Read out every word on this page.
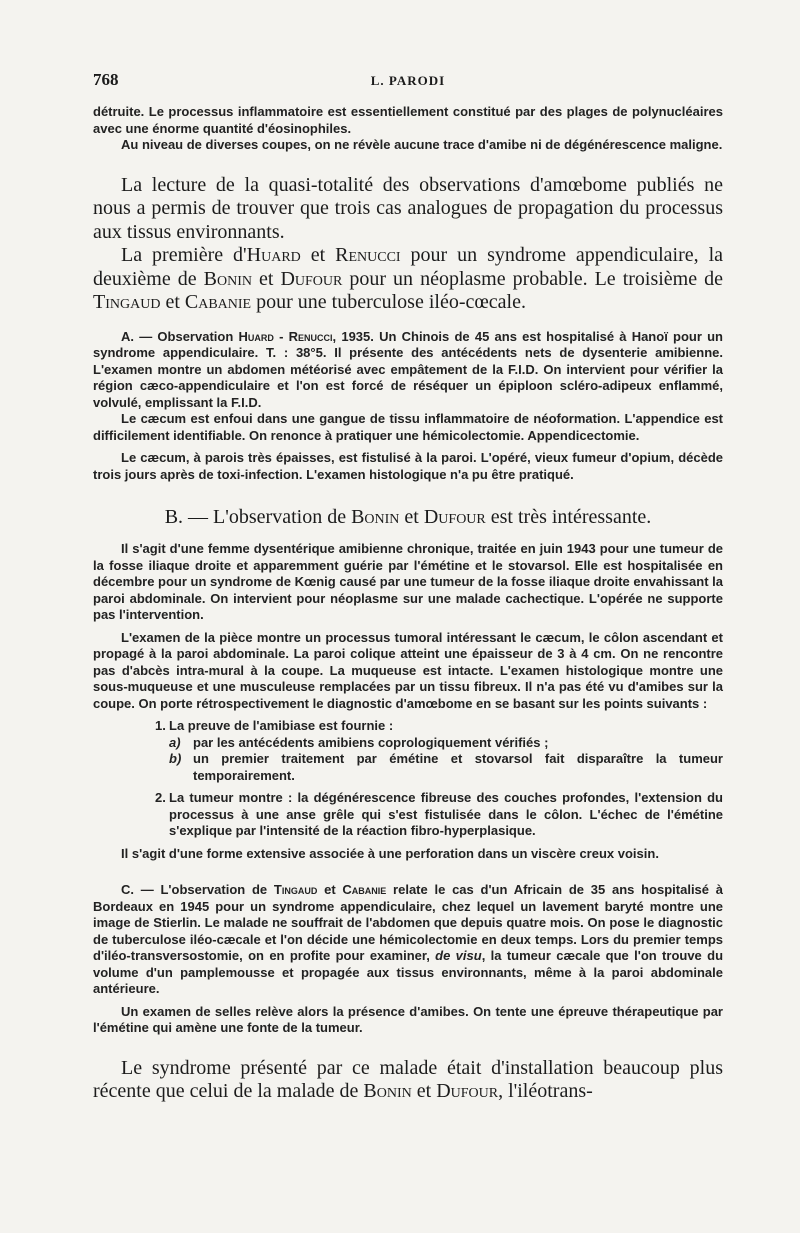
768	L. PARODI

détruite. Le processus inflammatoire est essentiellement constitué par des plages de polynucléaires avec une énorme quantité d'éosinophiles.

Au niveau de diverses coupes, on ne révèle aucune trace d'amibe ni de dégénérescence maligne.

La lecture de la quasi-totalité des observations d'amœbome publiés ne nous a permis de trouver que trois cas analogues de propagation du processus aux tissus environnants.

La première d'Huard et Renucci pour un syndrome appendiculaire, la deuxième de Bonin et Dufour pour un néoplasme probable. Le troisième de Tingaud et Cabanie pour une tuberculose iléo-cœcale.

A. — Observation Huard - Renucci, 1935. Un Chinois de 45 ans est hospitalisé à Hanoï pour un syndrome appendiculaire. T. : 38°5. Il présente des antécédents nets de dysenterie amibienne. L'examen montre un abdomen météorisé avec empâtement de la F.I.D. On intervient pour vérifier la région cæco-appendiculaire et l'on est forcé de réséquer un épiploon scléro-adipeux enflammé, volvulé, emplissant la F.I.D.

Le cæcum est enfoui dans une gangue de tissu inflammatoire de néoformation. L'appendice est difficilement identifiable. On renonce à pratiquer une hémicolectomie. Appendicectomie.

Le cæcum, à parois très épaisses, est fistulisé à la paroi. L'opéré, vieux fumeur d'opium, décède trois jours après de toxi-infection. L'examen histologique n'a pu être pratiqué.

B. — L'observation de Bonin et Dufour est très intéressante.

Il s'agit d'une femme dysentérique amibienne chronique, traitée en juin 1943 pour une tumeur de la fosse iliaque droite et apparemment guérie par l'émétine et le stovarsol. Elle est hospitalisée en décembre pour un syndrome de Kœnig causé par une tumeur de la fosse iliaque droite envahissant la paroi abdominale. On intervient pour néoplasme sur une malade cachectique. L'opérée ne supporte pas l'intervention.

L'examen de la pièce montre un processus tumoral intéressant le cæcum, le côlon ascendant et propagé à la paroi abdominale. La paroi colique atteint une épaisseur de 3 à 4 cm. On ne rencontre pas d'abcès intra-mural à la coupe. La muqueuse est intacte. L'examen histologique montre une sous-muqueuse et une musculeuse remplacées par un tissu fibreux. Il n'a pas été vu d'amibes sur la coupe. On porte rétrospectivement le diagnostic d'amœbome en se basant sur les points suivants :

1. La preuve de l'amibiase est fournie :
a) par les antécédents amibiens coprologiquement vérifiés ;
b) un premier traitement par émétine et stovarsol fait disparaître la tumeur temporairement.
2. La tumeur montre : la dégénérescence fibreuse des couches profondes, l'extension du processus à une anse grêle qui s'est fistulisée dans le côlon. L'échec de l'émétine s'explique par l'intensité de la réaction fibro-hyperplasique.

Il s'agit d'une forme extensive associée à une perforation dans un viscère creux voisin.

C. — L'observation de Tingaud et Cabanie relate le cas d'un Africain de 35 ans hospitalisé à Bordeaux en 1945 pour un syndrome appendiculaire, chez lequel un lavement baryté montre une image de Stierlin. Le malade ne souffrait de l'abdomen que depuis quatre mois. On pose le diagnostic de tuberculose iléo-cæcale et l'on décide une hémicolectomie en deux temps. Lors du premier temps d'iléo-transversostomie, on en profite pour examiner, de visu, la tumeur cæcale que l'on trouve du volume d'un pamplemousse et propagée aux tissus environnants, même à la paroi abdominale antérieure.

Un examen de selles relève alors la présence d'amibes. On tente une épreuve thérapeutique par l'émétine qui amène une fonte de la tumeur.

Le syndrome présenté par ce malade était d'installation beaucoup plus récente que celui de la malade de Bonin et Dufour, l'iléotrans-
